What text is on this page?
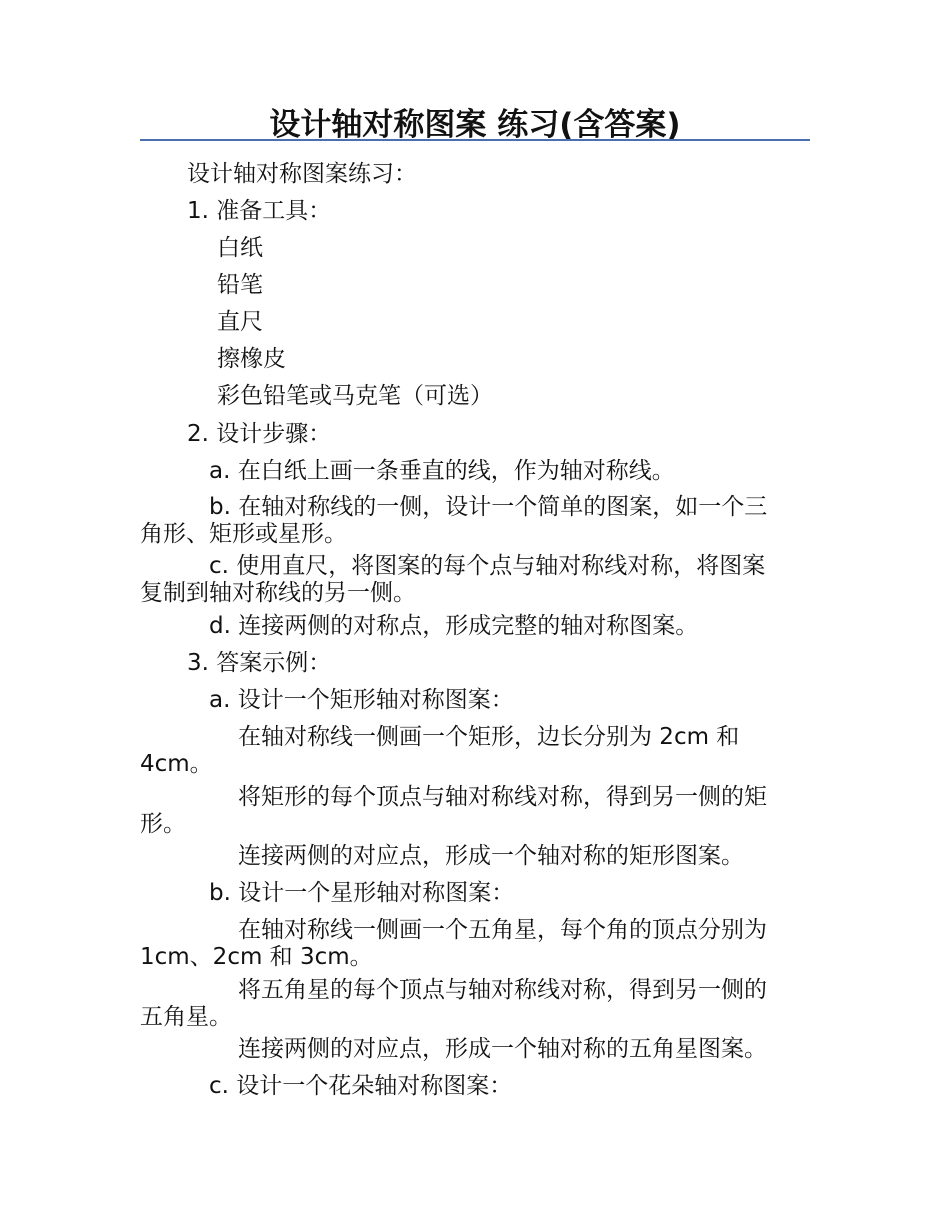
设计轴对称图案 练习(含答案)
设计轴对称图案练习：
1. 准备工具：
白纸
铅笔
直尺
擦橡皮
彩色铅笔或马克笔（可选）
2. 设计步骤：
a. 在白纸上画一条垂直的线，作为轴对称线。
b. 在轴对称线的一侧，设计一个简单的图案，如一个三
角形、矩形或星形。
c. 使用直尺，将图案的每个点与轴对称线对称，将图案
复制到轴对称线的另一侧。
d. 连接两侧的对称点，形成完整的轴对称图案。
3. 答案示例：
a. 设计一个矩形轴对称图案：
在轴对称线一侧画一个矩形，边长分别为 2cm 和
4cm。
将矩形的每个顶点与轴对称线对称，得到另一侧的矩
形。
连接两侧的对应点，形成一个轴对称的矩形图案。
b. 设计一个星形轴对称图案：
在轴对称线一侧画一个五角星，每个角的顶点分别为
1cm、2cm 和 3cm。
将五角星的每个顶点与轴对称线对称，得到另一侧的
五角星。
连接两侧的对应点，形成一个轴对称的五角星图案。
c. 设计一个花朵轴对称图案：
